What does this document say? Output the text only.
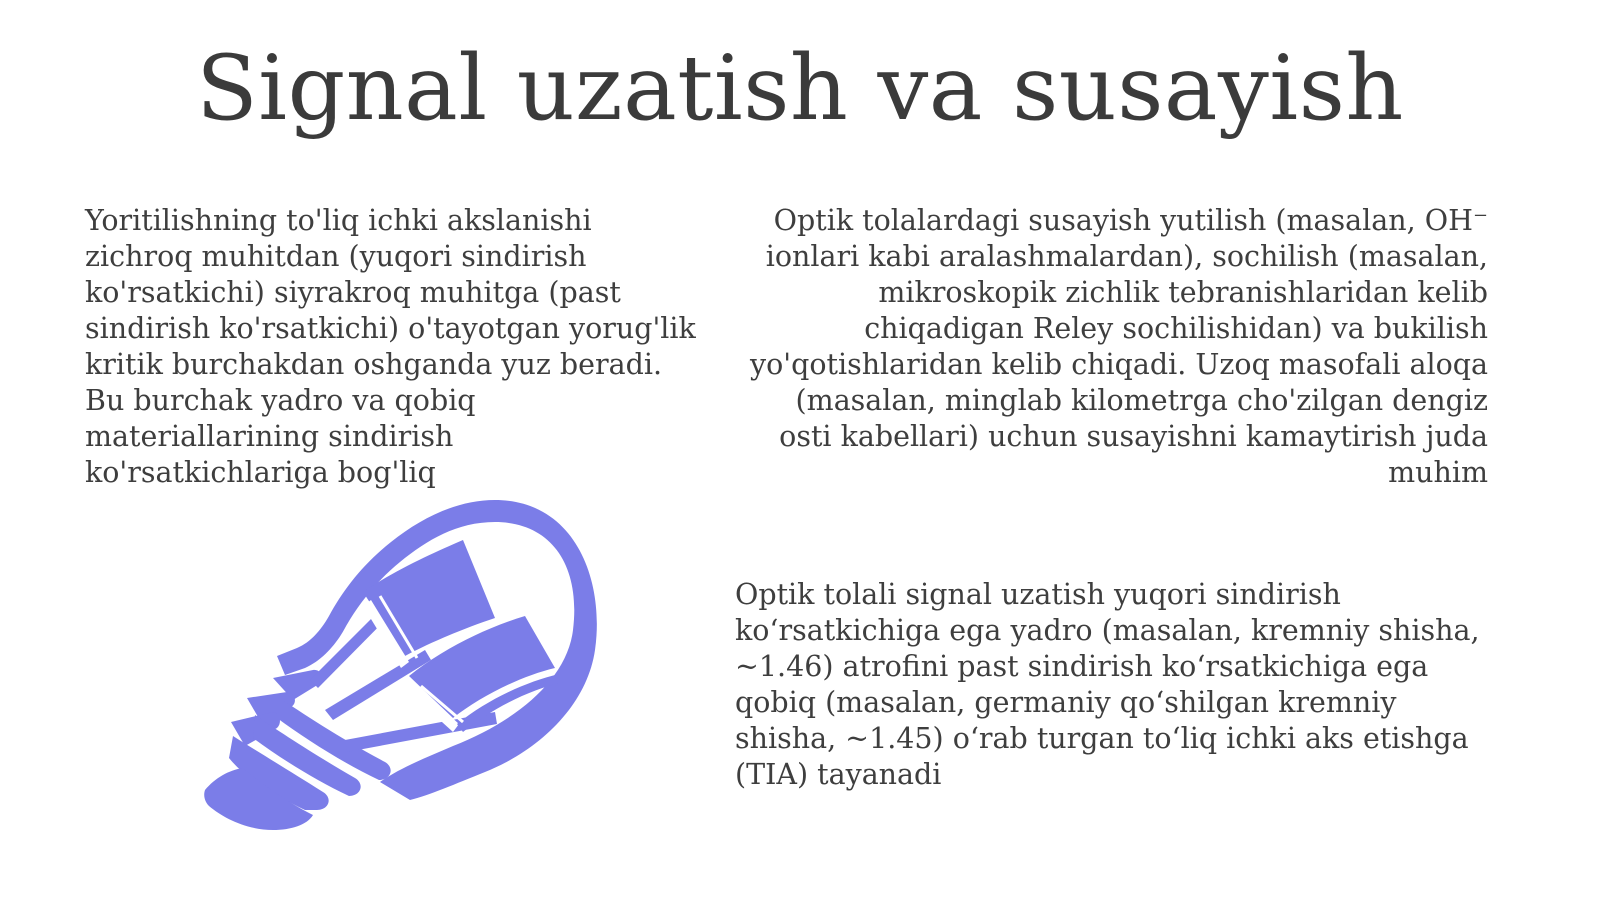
Signal uzatish va susayish
Yoritilishning to'liq ichki akslanishi zichroq muhitdan (yuqori sindirish ko'rsatkichi) siyrakroq muhitga (past sindirish ko'rsatkichi) o'tayotgan yorug'lik kritik burchakdan oshganda yuz beradi. Bu burchak yadro va qobiq materiallarining sindirish ko'rsatkichlariga bog'liq
Optik tolalardagi susayish yutilish (masalan, OH⁻ ionlari kabi aralashmalardan), sochilish (masalan, mikroskopik zichlik tebranishlaridan kelib chiqadigan Reley sochilishidan) va bukilish yo'qotishlaridan kelib chiqadi. Uzoq masofali aloqa (masalan, minglab kilometrga cho'zilgan dengiz osti kabellari) uchun susayishni kamaytirish juda muhim
Optik tolali signal uzatish yuqori sindirish ko‘rsatkichiga ega yadro (masalan, kremniy shisha, ~1.46) atrofini past sindirish ko‘rsatkichiga ega qobiq (masalan, germaniy qo‘shilgan kremniy shisha, ~1.45) o‘rab turgan to‘liq ichki aks etishga (TIA) tayanadi
